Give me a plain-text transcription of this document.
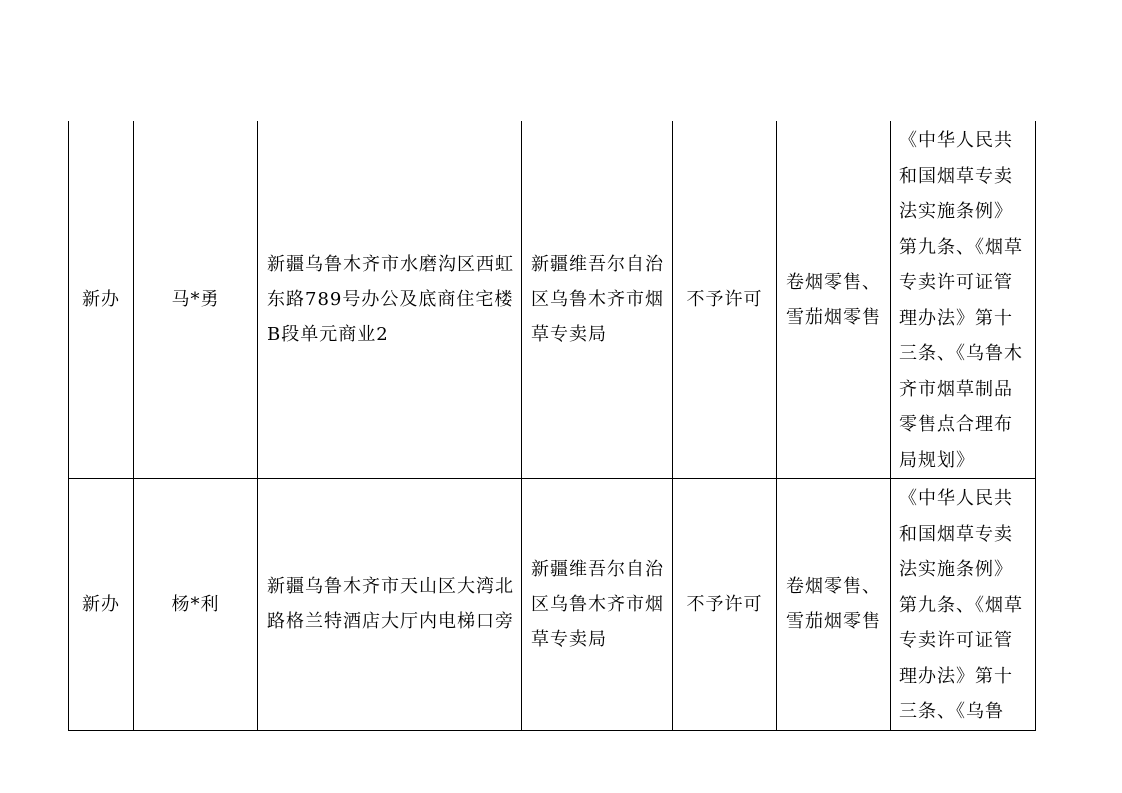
新办	马*勇	新疆乌鲁木齐市水磨沟区西虹东路789号办公及底商住宅楼B段单元商业2	新疆维吾尔自治区乌鲁木齐市烟草专卖局	不予许可	卷烟零售、雪茄烟零售	《中华人民共和国烟草专卖法实施条例》第九条、《烟草专卖许可证管理办法》第十三条、《乌鲁木齐市烟草制品零售点合理布局规划》

新办	杨*利	新疆乌鲁木齐市天山区大湾北路格兰特酒店大厅内电梯口旁	新疆维吾尔自治区乌鲁木齐市烟草专卖局	不予许可	卷烟零售、雪茄烟零售	《中华人民共和国烟草专卖法实施条例》第九条、《烟草专卖许可证管理办法》第十三条、《乌鲁
